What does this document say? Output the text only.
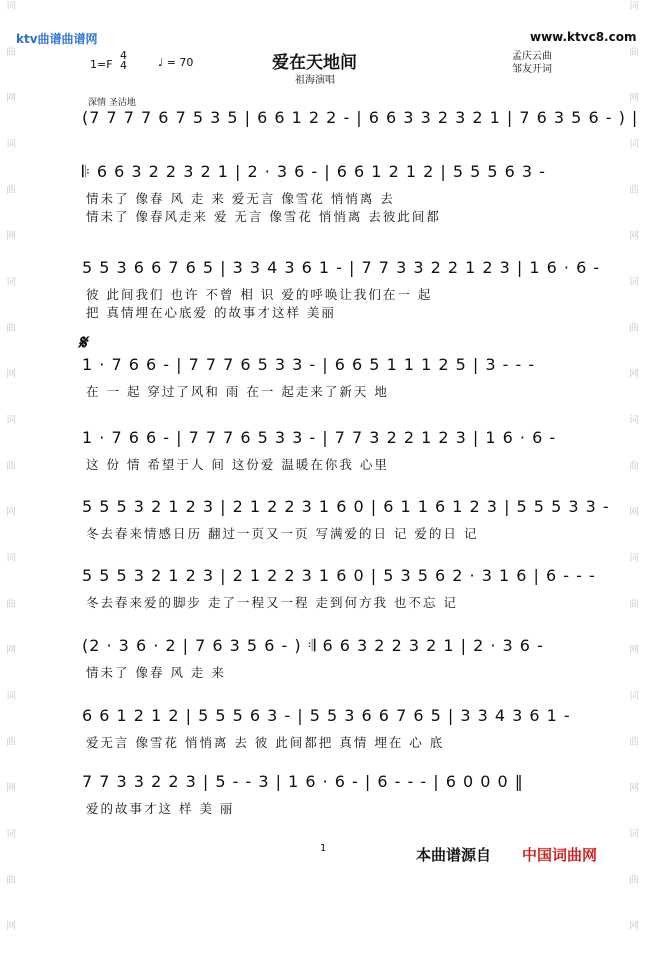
词
曲
网
词
曲
网
词
曲
网
词
曲
网
词
曲
网
词
曲
网
词
曲
网
词
曲
网
词
曲
网
词
曲
网
词
曲
网
词
曲
网
词
曲
网
词
曲
网
ktv曲谱曲谱网	www.ktvc8.com
爱在天地间
祖海演唱
孟庆云曲
邹友开词
1=F
4
4	♩ = 70
深情 圣洁地
(7 7 7 7 6 7 5 3 5 | 6 6 1 2 2 - | 6 6 3 3 2 3 2 1 | 7 6 3 5 6 - ) |
𝄆 6 6 3 2 2 3 2 1 | 2 · 3 6 - | 6 6 1 2 1 2 | 5 5 5 6 3 -
情未了 像春 风 走 来 爱无言 像雪花 悄悄离 去
情未了 像春风走来 爱 无言 像雪花 悄悄离 去彼此间都
5 5 3 6 6 7 6 5 | 3 3 4 3 6 1 - | 7 7 3 3 2 2 1 2 3 | 1 6 · 6 -
彼 此间我们 也许 不曾 相 识 爱的呼唤让我们在一 起
把 真情埋在心底爱 的故事才这样 美丽
1 · 7 6 6 - | 7 7 7 6 5 3 3 - | 6 6 5 1 1 1 2 5 | 3 - - -
在 一 起 穿过了风和 雨 在一 起走来了新天 地
1 · 7 6 6 - | 7 7 7 6 5 3 3 - | 7 7 3 2 2 1 2 3 | 1 6 · 6 -
这 份 情 希望于人 间 这份爱 温暖在你我 心里
5 5 5 3 2 1 2 3 | 2 1 2 2 3 1 6 0 | 6 1 1 6 1 2 3 | 5 5 5 3 3 -
冬去春来情感日历 翻过一页又一页 写满爱的日 记 爱的日 记
5 5 5 3 2 1 2 3 | 2 1 2 2 3 1 6 0 | 5 3 5 6 2 · 3 1 6 | 6 - - -
冬去春来爱的脚步 走了一程又一程 走到何方我 也不忘 记
(2 · 3 6 · 2 | 7 6 3 5 6 - ) 𝄇 6 6 3 2 2 3 2 1 | 2 · 3 6 -
情未了 像春 风 走 来
6 6 1 2 1 2 | 5 5 5 6 3 - | 5 5 3 6 6 7 6 5 | 3 3 4 3 6 1 -
爱无言 像雪花 悄悄离 去 彼 此间都把 真情 埋在 心 底
7 7 3 3 2 2 3 | 5 - - 3 | 1 6 · 6 - | 6 - - - | 6 0 0 0 ‖
爱的故事才这 样 美 丽
𝄋
1	本曲谱源自 中国词曲网
